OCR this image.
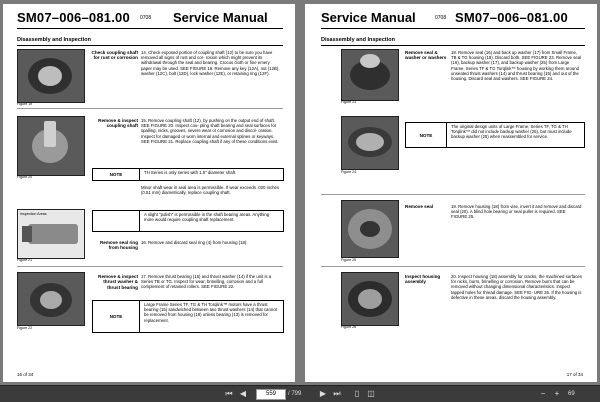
SM07–006–081.00 0708 Service Manual
Disassembly and Inspection
Figure 19
Check coupling shaft for rust or corrosion
14. Check exposed portion of coupling shaft (12) to be sure you have removed all signs of rust and cor- rosion which might prevent its withdrawal through the seal and bearing. Crocus cloth or fine emery paper may be used. SEE FIGURE 19. Remove any key (12A), nut (12B), washer (12C), bolt (12D), lock washer (12E), or retaining ring (12F).
Figure 20
Remove & inspect coupling shaft
15. Remove coupling shaft (12), by pushing on the output end of shaft. SEE FIGURE 20. Inspect cou- pling shaft bearing and seal surfaces for spalling, nicks, grooves, severe wear or corrosion and discol- oration. Inspect for damaged or worn internal and external splines or keyways. SEE FIGURE 21. Replace coupling shaft if any of these conditions exist.
NOTE	TH Series is only series with 1.5" diameter shaft.
Minor shaft wear in seal area is permissible. If wear exceeds .020 inches (0.51 mm) diametrically, replace coupling shaft.
Inspection Areas
Figure 21
A slight "polish" is permissible in the shaft bearing areas. Anything more would require coupling shaft replacement.
Remove seal ring from housing
16. Remove and discard seal ring (4) from housing (18).
Figure 22
Remove & inspect thrust washer & thrust bearing
17. Remove thrust bearing (15) and thrust washer (14) if the unit is a Series TB or TG. Inspect for wear, brinelling, corrosion and a full complement of retained rollers. SEE FIGURE 22.
NOTE
Large Frame Series TF, TG & TH Torqlink™ motors have a thrust bearing (15) sandwiched between two thrust washers (14) that cannot be removed from housing (18) unless bearing (13) is removed for replacement.
16 of 34
Service Manual	0708 SM07–006–081.00
Disassembly and Inspection
Figure 23
Remove seal & washer or washers
18. Remove seal (16) and back up washer (17) from Small Frame, TB & TG housing (18). Discard both. SEE FIGURE 23. Remove seal (16), backup washer (17), and backup washer (25) from Large Frame, Series TF & TG Torqlink™ housing by working them around unseated thrust washers (14) and thrust bearing (15) and out of the housing. Discard seal and washers. SEE FIGURE 24.
Figure 24
NOTE
The original design units of Large Frame, Series TF, TG & TH Torqlink™ did not include backup washer (25), but must include backup washer (25) when reassembled for service.
Figure 25
Remove seal	19. Remove housing (18) from vise, invert it and remove and discard seal (20). A blind hole bearing or seal puller is required. SEE FIGURE 25.
Figure 26
Inspect housing assembly
20. Inspect housing (18) assembly for cracks, the machined surfaces for nicks, burrs, brinelling or corrosion. Remove burrs that can be removed without changing dimensional characteristics. Inspect tapped holes for thread damage. SEE FIG- URE 26. If the housing is defective in these areas, discard the housing assembly.
17 of 34
⏮ ◀	559	/ 799 ▶ ⏭	▯	◫	−	+	69
